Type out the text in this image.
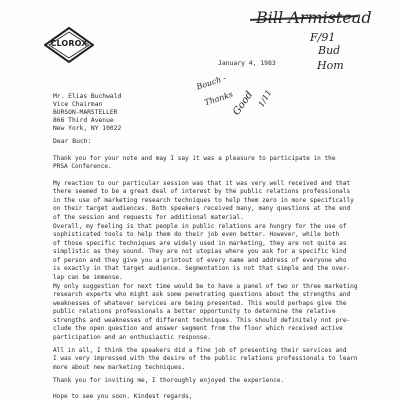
CLOROX
Bill Armistead
F/91
Bud
Hom
Bouch -
Thanks
Good 1/11
January 4, 1983
Mr. Elias Buchwald
Vice Chairman
BURSON-MARSTELLER
866 Third Avenue
New York, NY 10022
Dear Buch:
Thank you for your note and may I say it was a pleasure to participate in the
PRSA Conference.
My reaction to our particular session was that it was very well received and that
there seemed to be a great deal of interest by the public relations professionals
in the use of marketing research techniques to help them zero in more specifically
on their target audiences. Both speakers received many, many questions at the end
of the session and requests for additional material.
Overall, my feeling is that people in public relations are hungry for the use of
sophisticated tools to help them do their job even better. However, while both
of those specific techniques are widely used in marketing, they are not quite as
simplistic as they sound. They are not utopias where you ask for a specific kind
of person and they give you a printout of every name and address of everyone who
is exactly in that target audience. Segmentation is not that simple and the over-
lap can be immense.
My only suggestion for next time would be to have a panel of two or three marketing
research experts who might ask some penetrating questions about the strengths and
weaknesses of whatever services are being presented. This would perhaps give the
public relations professionals a better opportunity to determine the relative
strengths and weaknesses of different techniques. This should definitely not pre-
clude the open question and answer segment from the floor which received active
participation and an enthusiastic response.
All in all, I think the speakers did a fine job of presenting their services and
I was very impressed with the desire of the public relations professionals to learn
more about new marketing techniques.
Thank you for inviting me, I thoroughly enjoyed the experience.
Hope to see you soon. Kindest regards,
